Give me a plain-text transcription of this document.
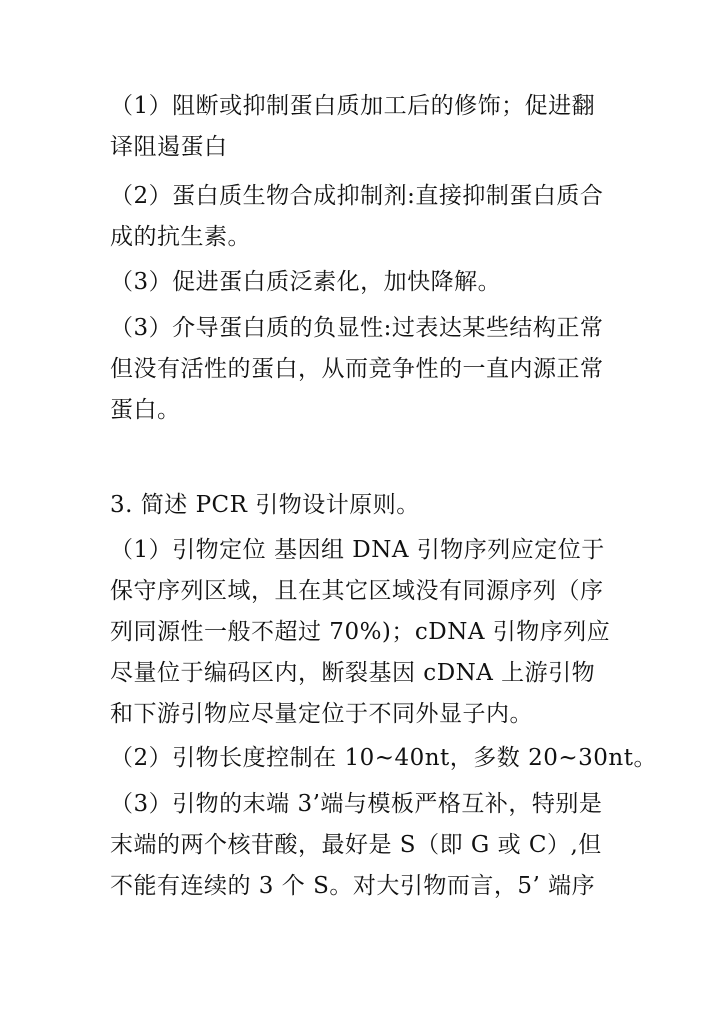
（1）阻断或抑制蛋白质加工后的修饰；促进翻
译阻遏蛋白
（2）蛋白质生物合成抑制剂:直接抑制蛋白质合
成的抗生素。
（3）促进蛋白质泛素化，加快降解。
（3）介导蛋白质的负显性:过表达某些结构正常
但没有活性的蛋白，从而竞争性的一直内源正常
蛋白。
3. 简述 PCR 引物设计原则。
（1）引物定位 基因组 DNA 引物序列应定位于
保守序列区域，且在其它区域没有同源序列（序
列同源性一般不超过 70%)；cDNA 引物序列应
尽量位于编码区内，断裂基因 cDNA 上游引物
和下游引物应尽量定位于不同外显子内。
（2）引物长度控制在 10~40nt，多数 20~30nt。
（3）引物的末端 3’端与模板严格互补，特别是
末端的两个核苷酸，最好是 S（即 G 或 C）,但
不能有连续的 3 个 S。对大引物而言，5’ 端序
